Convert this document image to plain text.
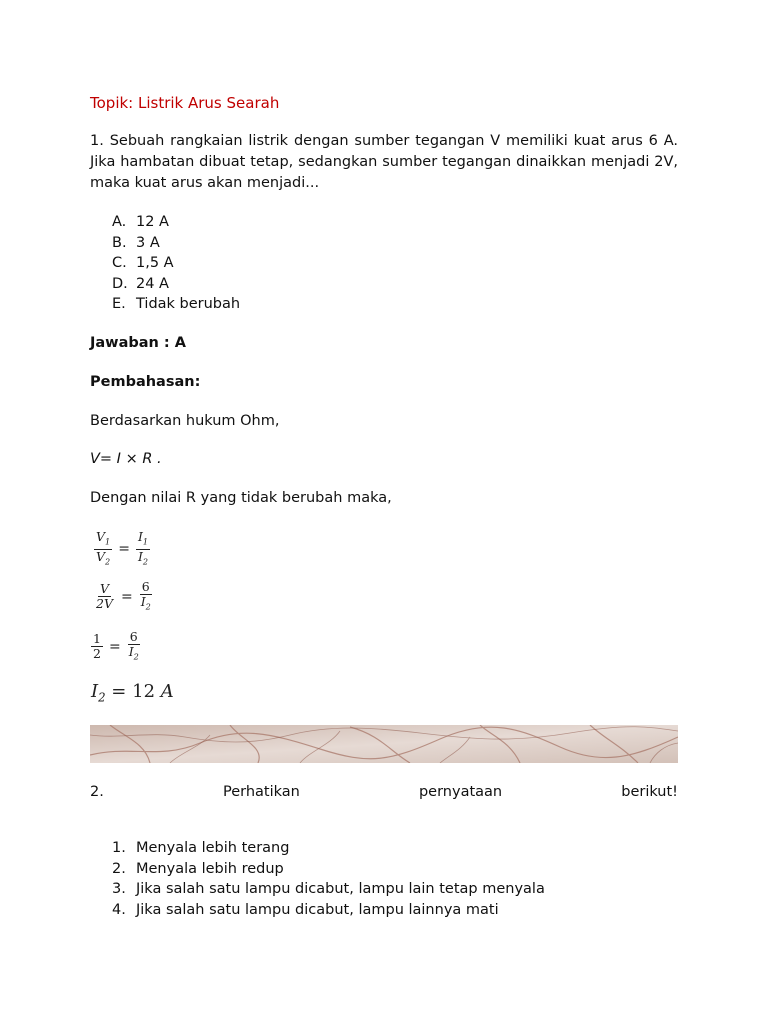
Topik: Listrik Arus Searah
1. Sebuah rangkaian listrik dengan sumber tegangan V memiliki kuat arus 6 A. Jika hambatan dibuat tetap, sedangkan sumber tegangan dinaikkan menjadi 2V, maka kuat arus akan menjadi...
A. 12 A
B. 3 A
C. 1,5 A
D. 24 A
E. Tidak berubah
Jawaban : A
Pembahasan:
Berdasarkan hukum Ohm,
V= I × R .
Dengan nilai R yang tidak berubah maka,
$\frac{V_1}{V_2} = \frac{I_1}{I_2}$
$\frac{V}{2V} = \frac{6}{I_2}$
$\frac{1}{2} = \frac{6}{I_2}$
$I_2 = 12$ A
2.	Perhatikan	pernyataan	berikut!
1. Menyala lebih terang
2. Menyala lebih redup
3. Jika salah satu lampu dicabut, lampu lain tetap menyala
4. Jika salah satu lampu dicabut, lampu lainnya mati
